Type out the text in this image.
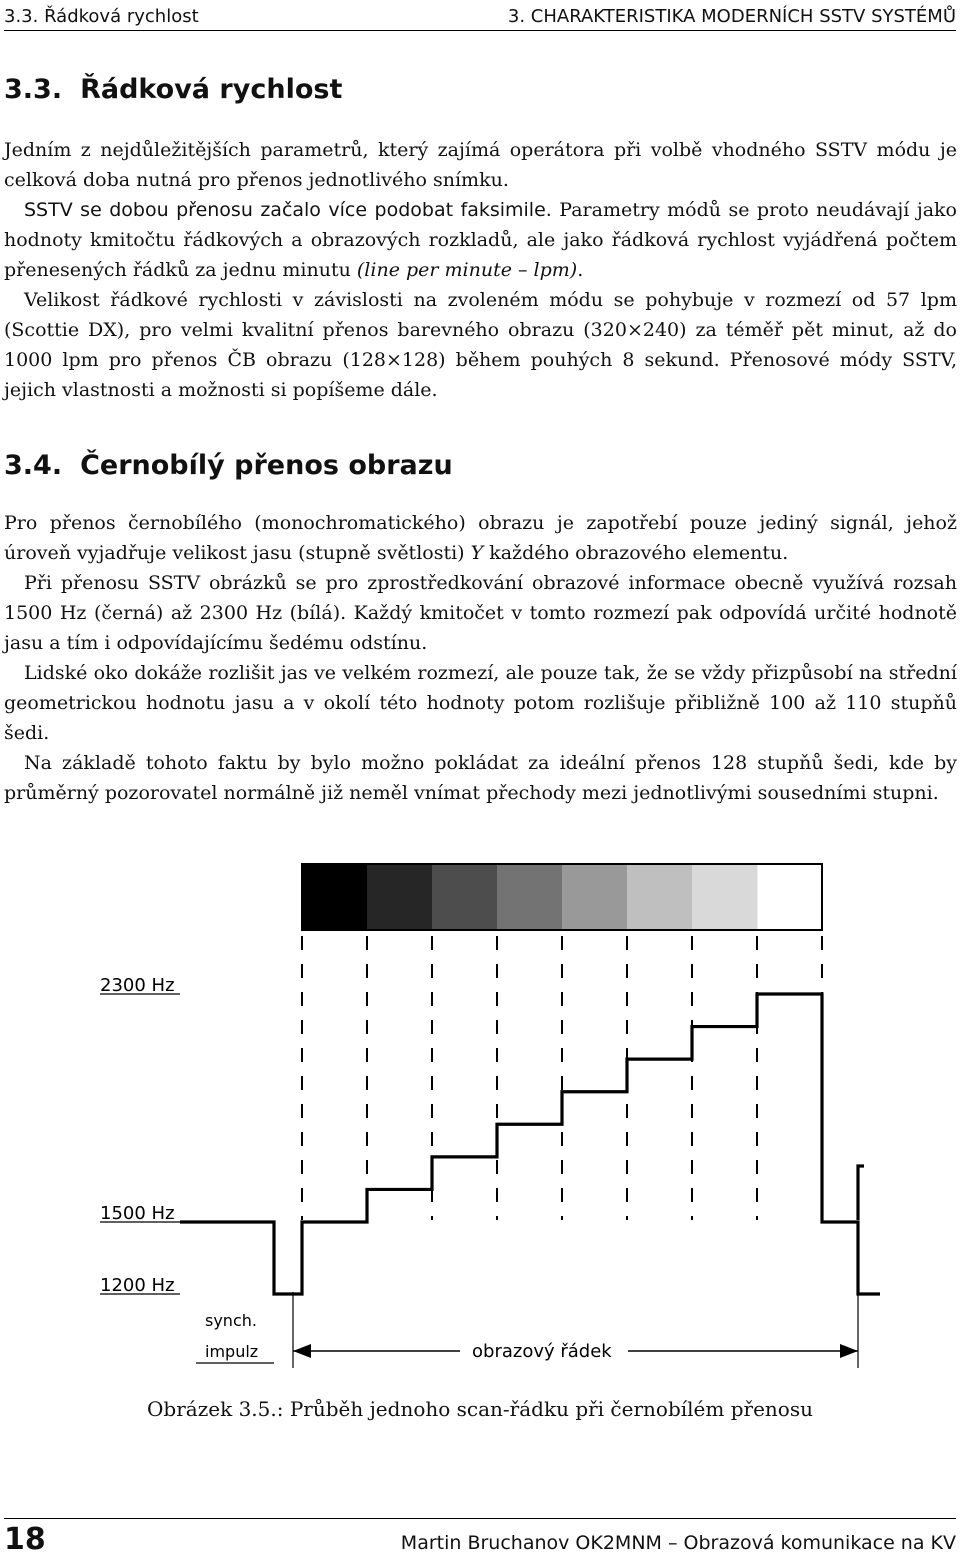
3.3. Řádková rychlost	3. CHARAKTERISTIKA MODERNÍCH SSTV SYSTÉMŮ
3.3. Řádková rychlost

Jedním z nejdůležitějších parametrů, který zajímá operátora při volbě vhodného SSTV módu je celková doba nutná pro přenos jednotlivého snímku.

SSTV se dobou přenosu začalo více podobat faksimile. Parametry módů se proto neudávají jako hodnoty kmitočtu řádkových a obrazových rozkladů, ale jako řádková rychlost vyjádřená počtem přenesených řádků za jednu minutu (line per minute – lpm).

Velikost řádkové rychlosti v závislosti na zvoleném módu se pohybuje v rozmezí od 57 lpm (Scottie DX), pro velmi kvalitní přenos barevného obrazu (320×240) za téměř pět minut, až do 1000 lpm pro přenos ČB obrazu (128×128) během pouhých 8 sekund. Přenosové módy SSTV, jejich vlastnosti a možnosti si popíšeme dále.

3.4. Černobílý přenos obrazu

Pro přenos černobílého (monochromatického) obrazu je zapotřebí pouze jediný signál, jehož úroveň vyjadřuje velikost jasu (stupně světlosti) Y každého obrazového elementu.

Při přenosu SSTV obrázků se pro zprostředkování obrazové informace obecně využívá rozsah 1500 Hz (černá) až 2300 Hz (bílá). Každý kmitočet v tomto rozmezí pak odpovídá určité hodnotě jasu a tím i odpovídajícímu šedému odstínu.

Lidské oko dokáže rozlišit jas ve velkém rozmezí, ale pouze tak, že se vždy přizpůsobí na střední geometrickou hodnotu jasu a v okolí této hodnoty potom rozlišuje přibližně 100 až 110 stupňů šedi.

Na základě tohoto faktu by bylo možno pokládat za ideální přenos 128 stupňů šedi, kde by průměrný pozorovatel normálně již neměl vnímat přechody mezi jednotlivými sousedními stupni.

2300 Hz
1500 Hz
1200 Hz
synch.
impulz	obrazový řádek
Obrázek 3.5.: Průběh jednoho scan-řádku při černobílém přenosu
18	Martin Bruchanov OK2MNM – Obrazová komunikace na KV
